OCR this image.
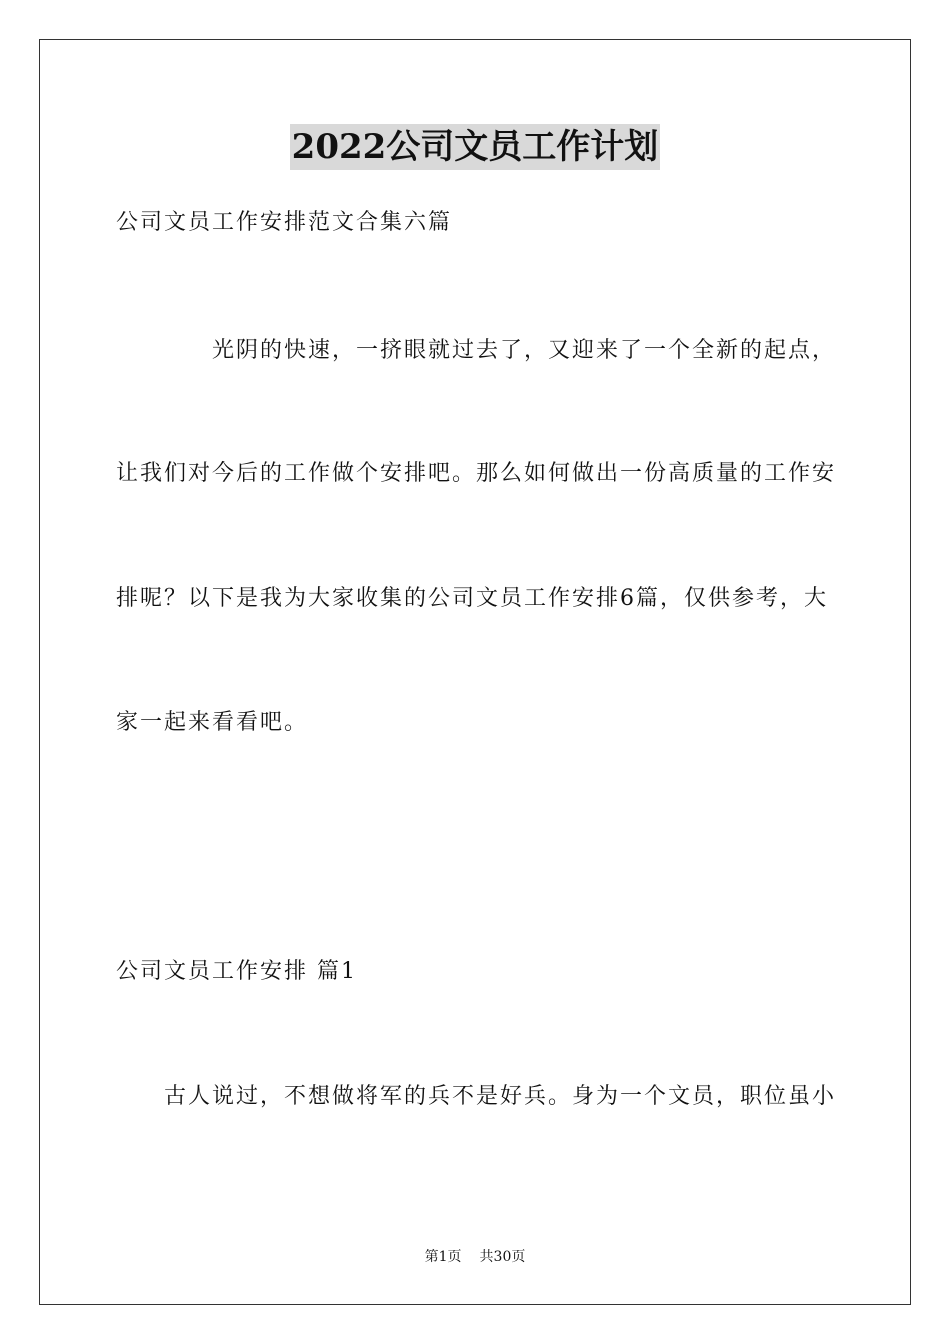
2022公司文员工作计划
公司文员工作安排范文合集六篇
光阴的快速，一挤眼就过去了，又迎来了一个全新的起点，
让我们对今后的工作做个安排吧。那么如何做出一份高质量的工作安
排呢？以下是我为大家收集的公司文员工作安排6篇，仅供参考，大
家一起来看看吧。
公司文员工作安排 篇1
古人说过，不想做将军的兵不是好兵。身为一个文员，职位虽小
第1页 共30页
